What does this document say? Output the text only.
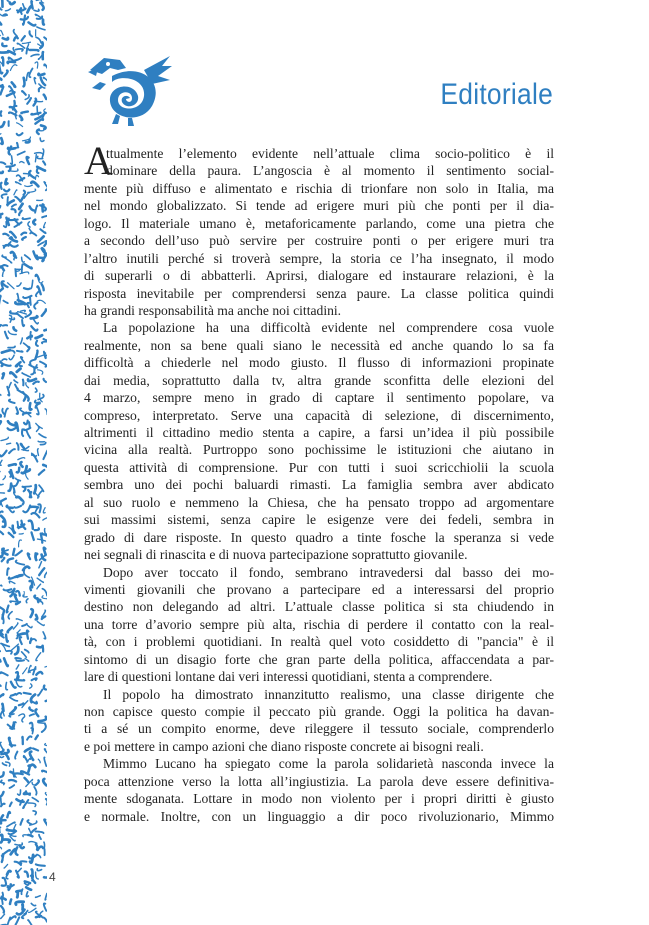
Editoriale
A
ttualmente l’elemento evidente nell’attuale clima socio-politico è il
dominare della paura. L’angoscia è al momento il sentimento social-
mente più diffuso e alimentato e rischia di trionfare non solo in Italia, ma
nel mondo globalizzato. Si tende ad erigere muri più che ponti per il dia-
logo. Il materiale umano è, metaforicamente parlando, come una pietra che
a secondo dell’uso può servire per costruire ponti o per erigere muri tra
l’altro inutili perché si troverà sempre, la storia ce l’ha insegnato, il modo
di superarli o di abbatterli. Aprirsi, dialogare ed instaurare relazioni, è la
risposta inevitabile per comprendersi senza paure. La classe politica quindi
ha grandi responsabilità ma anche noi cittadini.
La popolazione ha una difficoltà evidente nel comprendere cosa vuole
realmente, non sa bene quali siano le necessità ed anche quando lo sa fa
difficoltà a chiederle nel modo giusto. Il flusso di informazioni propinate
dai media, soprattutto dalla tv, altra grande sconfitta delle elezioni del
4 marzo, sempre meno in grado di captare il sentimento popolare, va
compreso, interpretato. Serve una capacità di selezione, di discernimento,
altrimenti il cittadino medio stenta a capire, a farsi un’idea il più possibile
vicina alla realtà. Purtroppo sono pochissime le istituzioni che aiutano in
questa attività di comprensione. Pur con tutti i suoi scricchiolii la scuola
sembra uno dei pochi baluardi rimasti. La famiglia sembra aver abdicato
al suo ruolo e nemmeno la Chiesa, che ha pensato troppo ad argomentare
sui massimi sistemi, senza capire le esigenze vere dei fedeli, sembra in
grado di dare risposte. In questo quadro a tinte fosche la speranza si vede
nei segnali di rinascita e di nuova partecipazione soprattutto giovanile.
Dopo aver toccato il fondo, sembrano intravedersi dal basso dei mo-
vimenti giovanili che provano a partecipare ed a interessarsi del proprio
destino non delegando ad altri. L’attuale classe politica si sta chiudendo in
una torre d’avorio sempre più alta, rischia di perdere il contatto con la real-
tà, con i problemi quotidiani. In realtà quel voto cosiddetto di "pancia" è il
sintomo di un disagio forte che gran parte della politica, affaccendata a par-
lare di questioni lontane dai veri interessi quotidiani, stenta a comprendere.
Il popolo ha dimostrato innanzitutto realismo, una classe dirigente che
non capisce questo compie il peccato più grande. Oggi la politica ha davan-
ti a sé un compito enorme, deve rileggere il tessuto sociale, comprenderlo
e poi mettere in campo azioni che diano risposte concrete ai bisogni reali.
Mimmo Lucano ha spiegato come la parola solidarietà nasconda invece la
poca attenzione verso la lotta all’ingiustizia. La parola deve essere definitiva-
mente sdoganata. Lottare in modo non violento per i propri diritti è giusto
e normale. Inoltre, con un linguaggio a dir poco rivoluzionario, Mimmo
4
